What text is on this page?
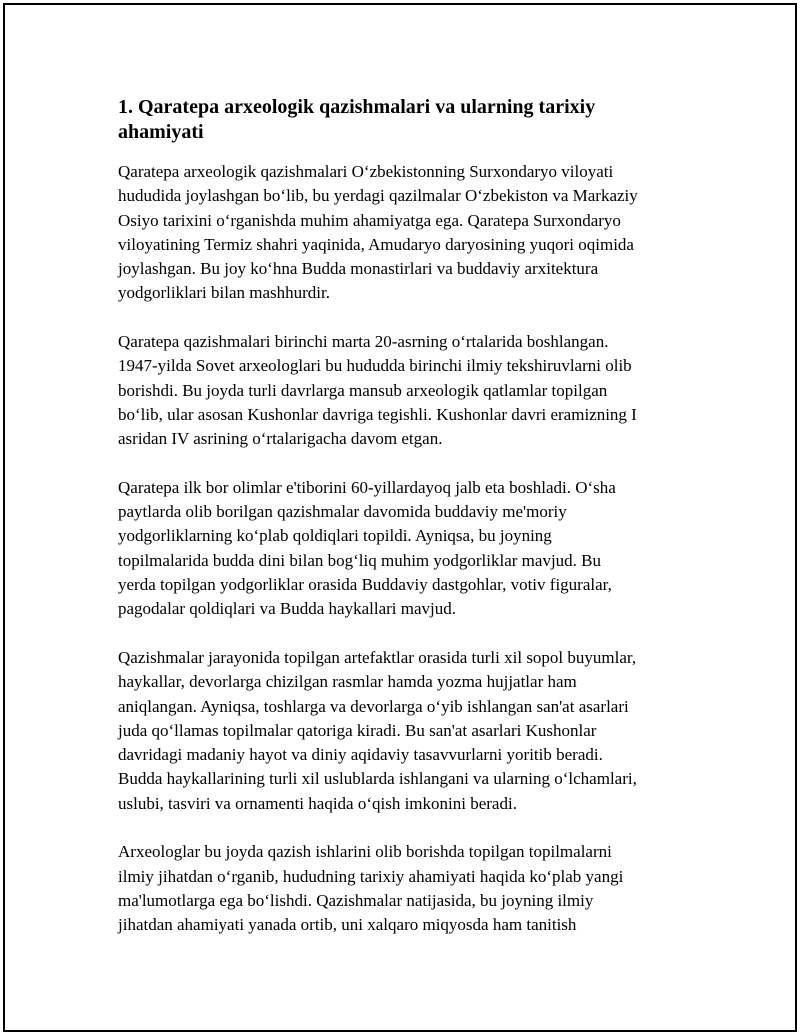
1. Qaratepa arxeologik qazishmalari va ularning tarixiy
ahamiyati

Qaratepa arxeologik qazishmalari O‘zbekistonning Surxondaryo viloyati
hududida joylashgan bo‘lib, bu yerdagi qazilmalar O‘zbekiston va Markaziy
Osiyo tarixini o‘rganishda muhim ahamiyatga ega. Qaratepa Surxondaryo
viloyatining Termiz shahri yaqinida, Amudaryo daryosining yuqori oqimida
joylashgan. Bu joy ko‘hna Budda monastirlari va buddaviy arxitektura
yodgorliklari bilan mashhurdir.

Qaratepa qazishmalari birinchi marta 20-asrning o‘rtalarida boshlangan.
1947-yilda Sovet arxeologlari bu hududda birinchi ilmiy tekshiruvlarni olib
borishdi. Bu joyda turli davrlarga mansub arxeologik qatlamlar topilgan
bo‘lib, ular asosan Kushonlar davriga tegishli. Kushonlar davri eramizning I
asridan IV asrining o‘rtalarigacha davom etgan.

Qaratepa ilk bor olimlar e'tiborini 60-yillardayoq jalb eta boshladi. O‘sha
paytlarda olib borilgan qazishmalar davomida buddaviy me'moriy
yodgorliklarning ko‘plab qoldiqlari topildi. Ayniqsa, bu joyning
topilmalarida budda dini bilan bog‘liq muhim yodgorliklar mavjud. Bu
yerda topilgan yodgorliklar orasida Buddaviy dastgohlar, votiv figuralar,
pagodalar qoldiqlari va Budda haykallari mavjud.

Qazishmalar jarayonida topilgan artefaktlar orasida turli xil sopol buyumlar,
haykallar, devorlarga chizilgan rasmlar hamda yozma hujjatlar ham
aniqlangan. Ayniqsa, toshlarga va devorlarga o‘yib ishlangan san'at asarlari
juda qo‘llamas topilmalar qatoriga kiradi. Bu san'at asarlari Kushonlar
davridagi madaniy hayot va diniy aqidaviy tasavvurlarni yoritib beradi.
Budda haykallarining turli xil uslublarda ishlangani va ularning o‘lchamlari,
uslubi, tasviri va ornamenti haqida o‘qish imkonini beradi.

Arxeologlar bu joyda qazish ishlarini olib borishda topilgan topilmalarni
ilmiy jihatdan o‘rganib, hududning tarixiy ahamiyati haqida ko‘plab yangi
ma'lumotlarga ega bo‘lishdi. Qazishmalar natijasida, bu joyning ilmiy
jihatdan ahamiyati yanada ortib, uni xalqaro miqyosda ham tanitish
